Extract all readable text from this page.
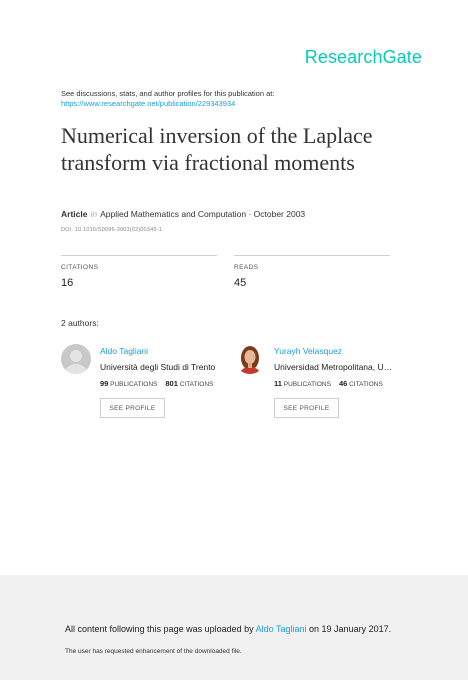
ResearchGate
See discussions, stats, and author profiles for this publication at:
https://www.researchgate.net/publication/229343934
Numerical inversion of the Laplace transform via fractional moments
Article in Applied Mathematics and Computation · October 2003
DOI: 10.1016/S0096-3003(02)00349-1
CITATIONS
16
READS
45
2 authors:
Aldo Tagliani
Università degli Studi di Trento
99 PUBLICATIONS 801 CITATIONS
SEE PROFILE
Yurayh Velasquez
Universidad Metropolitana, U…
11 PUBLICATIONS 46 CITATIONS
SEE PROFILE
All content following this page was uploaded by Aldo Tagliani on 19 January 2017.
The user has requested enhancement of the downloaded file.
